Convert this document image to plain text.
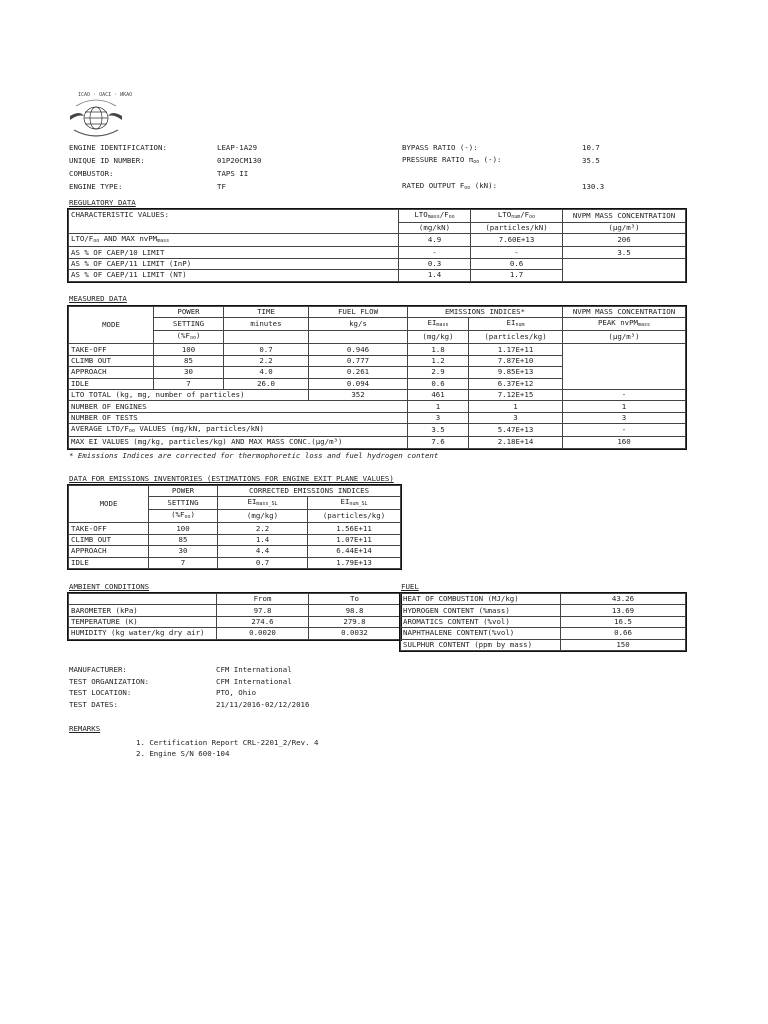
ICAO · OACI · ИКАО
ENGINE IDENTIFICATION:	LEAP-1A29	BYPASS RATIO (-):	10.7
UNIQUE ID NUMBER:	01P20CM130	PRESSURE RATIO $\pi_{oo}$ (-):	35.5
COMBUSTOR:	TAPS II		
ENGINE TYPE:	TF	RATED OUTPUT $F_{oo}$ (kN):	130.3
REGULATORY DATA
CHARACTERISTIC VALUES:	$LTO_{mass}/F_{oo}$	$LTO_{num}/F_{oo}$	NVPM MASS CONCENTRATION
	(mg/kN)	(particles/kN)	(µg/m³)
LTO/$F_{oo}$ AND MAX nvPM$_{mass}$	4.9	7.60E+13	206
AS % OF CAEP/10 LIMIT	-	-	3.5
AS % OF CAEP/11 LIMIT (InP)	0.3	0.6	
AS % OF CAEP/11 LIMIT (NT)	1.4	1.7	
MEASURED DATA
MODE	POWER	TIME	FUEL FLOW	EMISSIONS INDICES*		NVPM MASS CONCENTRATION
	SETTING	minutes	kg/s	$EI_{mass}$	$EI_{num}$	PEAK nvPM$_{mass}$
	$(\%F_{oo})$			(mg/kg)	(particles/kg)	(µg/m³)
TAKE-OFF	100	0.7	0.946	1.8	1.17E+11	
CLIMB OUT	85	2.2	0.777	1.2	7.87E+10	
APPROACH	30	4.0	0.261	2.9	9.85E+13	
IDLE	7	26.0	0.094	0.6	6.37E+12	
LTO TOTAL (kg, mg, number of particles)			352	461	7.12E+15	-
NUMBER OF ENGINES				1	1	1
NUMBER OF TESTS				3	3	3
AVERAGE LTO/$F_{oo}$ VALUES (mg/kN, particles/kN)				3.5	5.47E+13	-
MAX EI VALUES (mg/kg, particles/kg) AND MAX MASS CONC.(µg/m³)				7.6	2.18E+14	160
* Emissions Indices are corrected for thermophoretic loss and fuel hydrogen content
DATA FOR EMISSIONS INVENTORIES (ESTIMATIONS FOR ENGINE EXIT PLANE VALUES)
MODE	POWER	CORRECTED EMISSIONS INDICES	
	SETTING	$EI_{mass\_SL}$	$EI_{num\_SL}$
	$(\%F_{oo})$	(mg/kg)	(particles/kg)
TAKE-OFF	100	2.2	1.56E+11
CLIMB OUT	85	1.4	1.07E+11
APPROACH	30	4.4	6.44E+14
IDLE	7	0.7	1.79E+13
AMBIENT CONDITIONS
	From	To
BAROMETER (kPa)	97.8	98.8
TEMPERATURE (K)	274.6	279.8
HUMIDITY (kg water/kg dry air)	0.0020	0.0032
FUEL
HEAT OF COMBUSTION (MJ/kg)	43.26
HYDROGEN CONTENT (%mass)	13.69
AROMATICS CONTENT (%vol)	16.5
NAPHTHALENE CONTENT(%vol)	0.66
SULPHUR CONTENT (ppm by mass)	150
MANUFACTURER:	CFM International
TEST ORGANIZATION:	CFM International
TEST LOCATION:	PTO, Ohio
TEST DATES:	21/11/2016-02/12/2016
REMARKS
1. Certification Report CRL-2201_2/Rev. 4
2. Engine S/N 600-104
